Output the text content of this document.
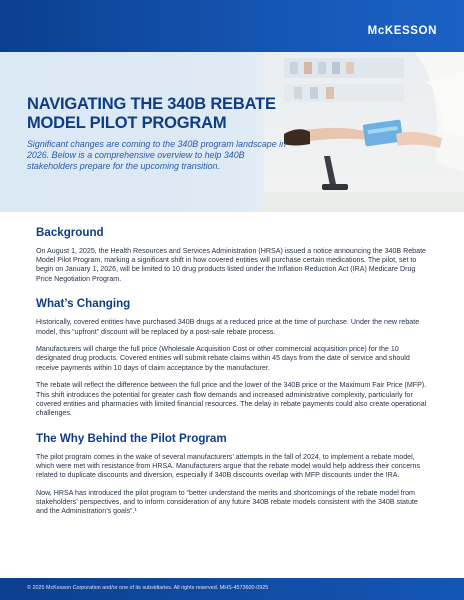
McKESSON
NAVIGATING THE 340B REBATE
MODEL PILOT PROGRAM

Significant changes are coming to the 340B program landscape in 2026. Below is a comprehensive overview to help 340B stakeholders prepare for the upcoming transition.

Background

On August 1, 2025, the Health Resources and Services Administration (HRSA) issued a notice announcing the 340B Rebate Model Pilot Program, marking a significant shift in how covered entities will purchase certain medications. The pilot, set to begin on January 1, 2026, will be limited to 10 drug products listed under the Inflation Reduction Act (IRA) Medicare Drug Price Negotiation Program.

What’s Changing

Historically, covered entities have purchased 340B drugs at a reduced price at the time of purchase. Under the new rebate model, this “upfront” discount will be replaced by a post-sale rebate process.

Manufacturers will charge the full price (Wholesale Acquisition Cost or other commercial acquisition price) for the 10 designated drug products. Covered entities will submit rebate claims within 45 days from the date of service and should receive payments within 10 days of claim acceptance by the manufacturer.

The rebate will reflect the difference between the full price and the lower of the 340B price or the Maximum Fair Price (MFP). This shift introduces the potential for greater cash flow demands and increased administrative complexity, particularly for covered entities and pharmacies with limited financial resources. The delay in rebate payments could also create operational challenges.

The Why Behind the Pilot Program

The pilot program comes in the wake of several manufacturers’ attempts in the fall of 2024, to implement a rebate model, which were met with resistance from HRSA. Manufacturers argue that the rebate model would help address their concerns related to duplicate discounts and diversion, especially if 340B discounts overlap with MFP discounts under the IRA.

Now, HRSA has introduced the pilot program to “better understand the merits and shortcomings of the rebate model from stakeholders’ perspectives, and to inform consideration of any future 340B rebate models consistent with the 340B statute and the Administration’s goals”.¹

© 2025 McKesson Corporation and/or one of its subsidiaries. All rights reserved. MHS-4573600-0925
